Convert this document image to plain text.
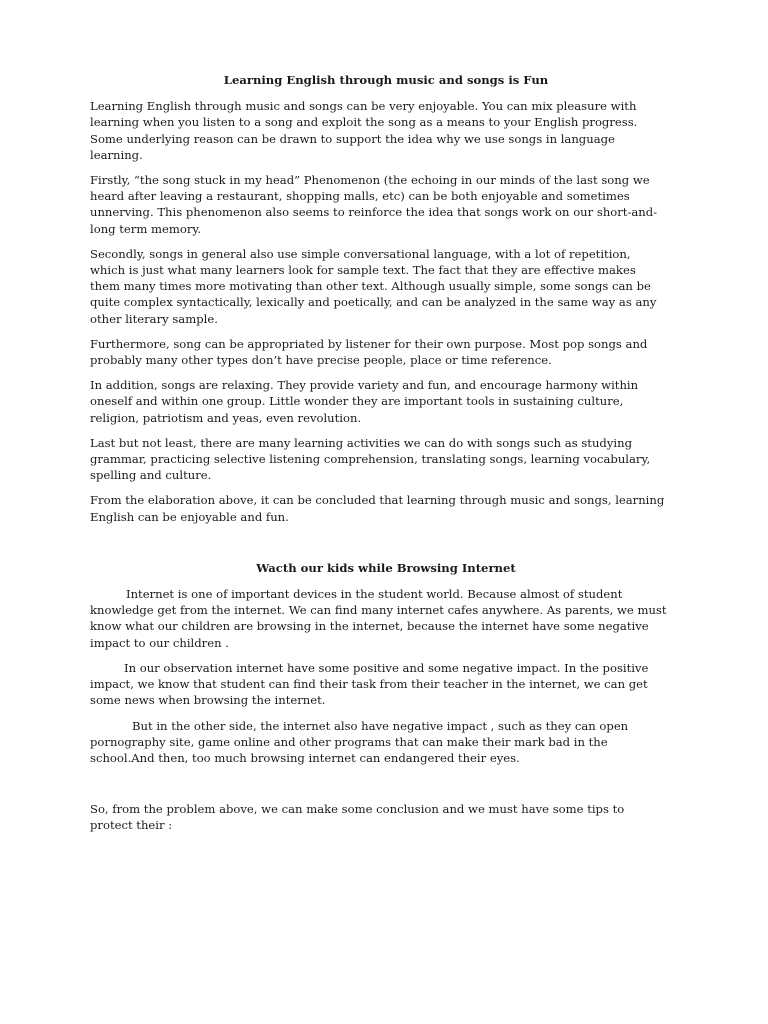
Learning English through music and songs is Fun

Learning English through music and songs can be very enjoyable. You can mix pleasure with
learning when you listen to a song and exploit the song as a means to your English progress.
Some underlying reason can be drawn to support the idea why we use songs in language
learning.

Firstly, “the song stuck in my head” Phenomenon (the echoing in our minds of the last song we
heard after leaving a restaurant, shopping malls, etc) can be both enjoyable and sometimes
unnerving. This phenomenon also seems to reinforce the idea that songs work on our short-and-
long term memory.

Secondly, songs in general also use simple conversational language, with a lot of repetition,
which is just what many learners look for sample text. The fact that they are effective makes
them many times more motivating than other text. Although usually simple, some songs can be
quite complex syntactically, lexically and poetically, and can be analyzed in the same way as any
other literary sample.

Furthermore, song can be appropriated by listener for their own purpose. Most pop songs and
probably many other types don’t have precise people, place or time reference.

In addition, songs are relaxing. They provide variety and fun, and encourage harmony within
oneself and within one group. Little wonder they are important tools in sustaining culture,
religion, patriotism and yeas, even revolution.

Last but not least, there are many learning activities we can do with songs such as studying
grammar, practicing selective listening comprehension, translating songs, learning vocabulary,
spelling and culture.

From the elaboration above, it can be concluded that learning through music and songs, learning
English can be enjoyable and fun.

Wacth our kids while Browsing Internet

Internet is one of important devices in the student world. Because almost of student
knowledge get from the internet. We can find many internet cafes anywhere. As parents, we must
know what our children are browsing in the internet, because the internet have some negative
impact to our children .

In our observation internet have some positive and some negative impact. In the positive
impact, we know that student can find their task from their teacher in the internet, we can get
some news when browsing the internet.

But in the other side, the internet also have negative impact , such as they can open
pornography site, game online and other programs that can make their mark bad in the
school.And then, too much browsing internet can endangered their eyes.

So, from the problem above, we can make some conclusion and we must have some tips to
protect their :
